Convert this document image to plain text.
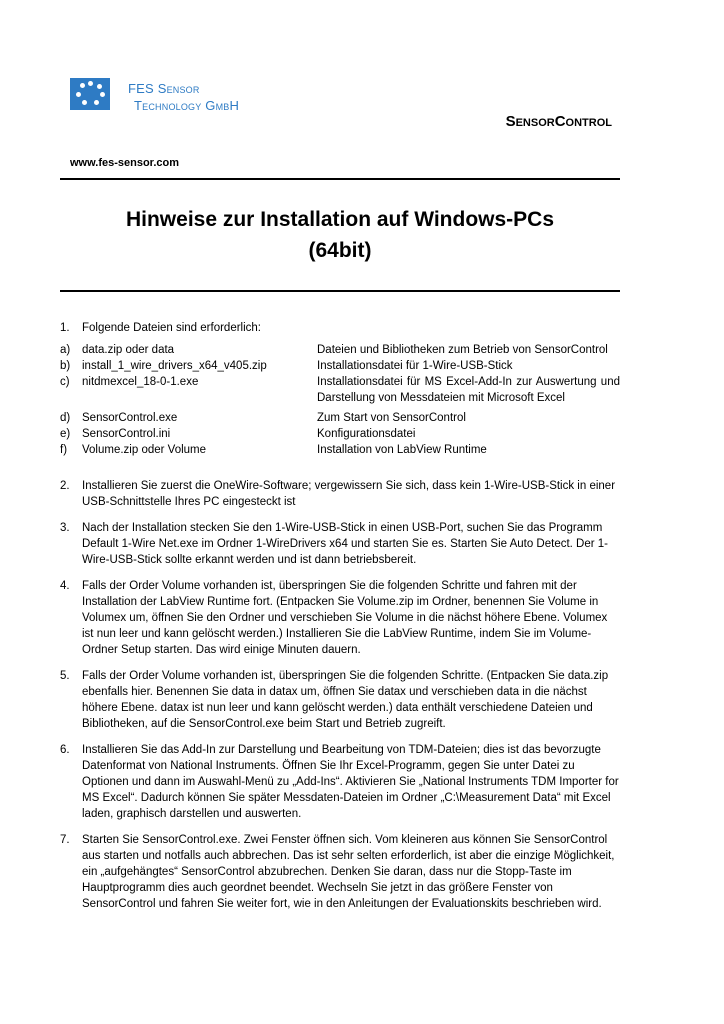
FES Sensor
Technology GmbH
SensorControl
www.fes-sensor.com
Hinweise zur Installation auf Windows-PCs
(64bit)
1.	Folgende Dateien sind erforderlich:
a)	data.zip oder data	Dateien und Bibliotheken zum Betrieb von SensorControl
b)	install_1_wire_drivers_x64_v405.zip	Installationsdatei für 1-Wire-USB-Stick
c)	nitdmexcel_18-0-1.exe	Installationsdatei für MS Excel-Add-In zur Auswertung und Darstellung von Messdateien mit Microsoft Excel
d)	SensorControl.exe	Zum Start von SensorControl
e)	SensorControl.ini	Konfigurationsdatei
f)	Volume.zip oder Volume	Installation von LabView Runtime
2.	Installieren Sie zuerst die OneWire-Software; vergewissern Sie sich, dass kein 1-Wire-USB-Stick in einer USB-Schnittstelle Ihres PC eingesteckt ist
3.	Nach der Installation stecken Sie den 1-Wire-USB-Stick in einen USB-Port, suchen Sie das Programm Default 1-Wire Net.exe im Ordner 1-WireDrivers x64 und starten Sie es. Starten Sie Auto Detect. Der 1-Wire-USB-Stick sollte erkannt werden und ist dann betriebsbereit.
4.	Falls der Order Volume vorhanden ist, überspringen Sie die folgenden Schritte und fahren mit der Installation der LabView Runtime fort. (Entpacken Sie Volume.zip im Ordner, benennen Sie Volume in Volumex um, öffnen Sie den Ordner und verschieben Sie Volume in die nächst höhere Ebene. Volumex ist nun leer und kann gelöscht werden.) Installieren Sie die LabView Runtime, indem Sie im Volume-Ordner Setup starten. Das wird einige Minuten dauern.
5.	Falls der Order Volume vorhanden ist, überspringen Sie die folgenden Schritte. (Entpacken Sie data.zip ebenfalls hier. Benennen Sie data in datax um, öffnen Sie datax und verschieben data in die nächst höhere Ebene. datax ist nun leer und kann gelöscht werden.) data enthält verschiedene Dateien und Bibliotheken, auf die SensorControl.exe beim Start und Betrieb zugreift.
6.	Installieren Sie das Add-In zur Darstellung und Bearbeitung von TDM-Dateien; dies ist das bevorzugte Datenformat von National Instruments. Öffnen Sie Ihr Excel-Programm, gegen Sie unter Datei zu Optionen und dann im Auswahl-Menü zu „Add-Ins“. Aktivieren Sie „National Instruments TDM Importer for MS Excel“. Dadurch können Sie später Messdaten-Dateien im Ordner „C:\Measurement Data“ mit Excel laden, graphisch darstellen und auswerten.
7.	Starten Sie SensorControl.exe. Zwei Fenster öffnen sich. Vom kleineren aus können Sie SensorControl aus starten und notfalls auch abbrechen. Das ist sehr selten erforderlich, ist aber die einzige Möglichkeit, ein „aufgehängtes“ SensorControl abzubrechen. Denken Sie daran, dass nur die Stopp-Taste im Hauptprogramm dies auch geordnet beendet. Wechseln Sie jetzt in das größere Fenster von SensorControl und fahren Sie weiter fort, wie in den Anleitungen der Evaluationskits beschrieben wird.
